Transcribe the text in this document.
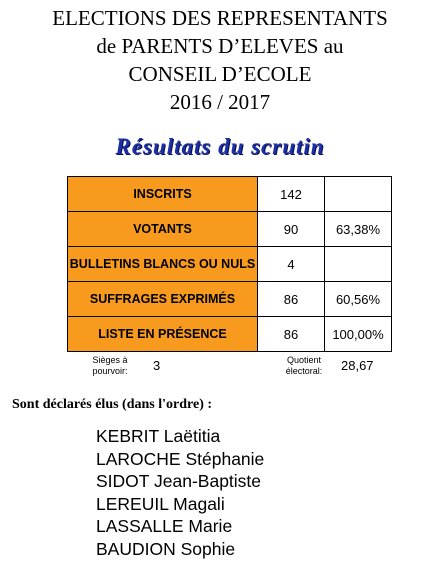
ELECTIONS DES REPRESENTANTS
de PARENTS D’ELEVES au
CONSEIL D’ECOLE
2016 / 2017
Résultats du scrutin
INSCRITS	142	
VOTANTS	90	63,38%
BULLETINS BLANCS OU NULS	4	
SUFFRAGES EXPRIMÉS	86	60,56%
LISTE EN PRÉSENCE	86	100,00%
Sièges à pourvoir:	3	Quotient électoral:	28,67
Sont déclarés élus (dans l'ordre) :
KEBRIT Laëtitia
LAROCHE Stéphanie
SIDOT Jean-Baptiste
LEREUIL Magali
LASSALLE Marie
BAUDION Sophie
